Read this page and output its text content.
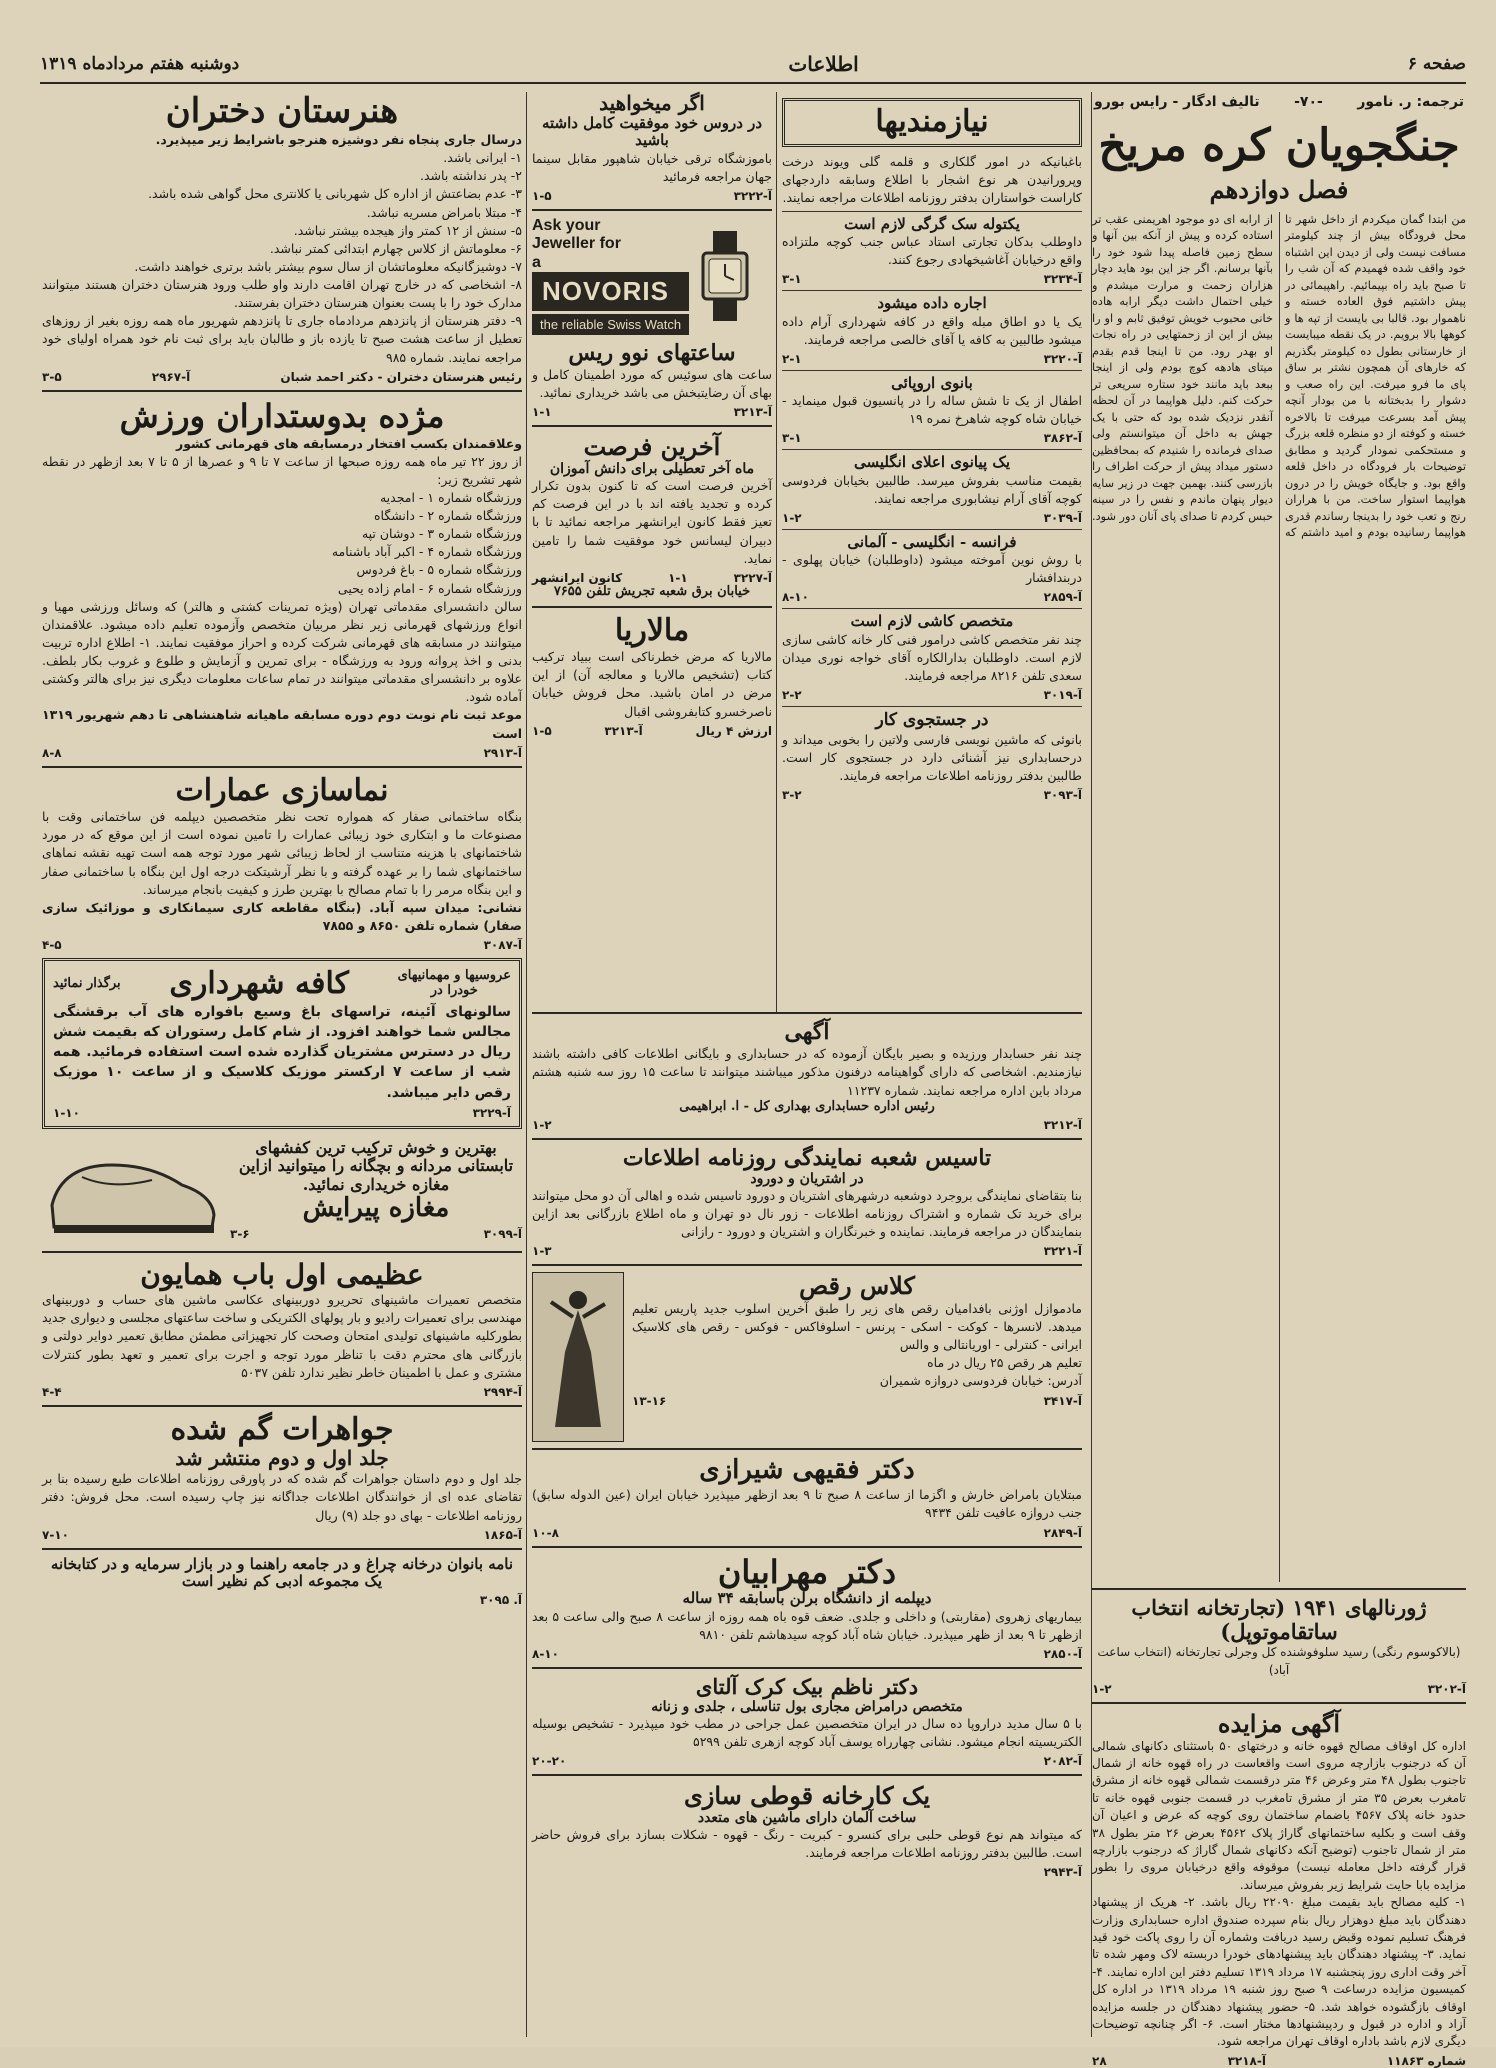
صفحه ۶
اطلاعات
دوشنبه هفتم مردادماه ۱۳۱۹
ترجمه: ر. نامور
-۷۰-
تالیف ادگار - رایس بورو
جنگجویان کره مریخ
فصل دوازدهم
من ابتدا گمان میکردم از داخل شهر تا محل فرودگاه بیش از چند کیلومتر مسافت نیست ولی از دیدن این اشتباه خود واقف شده فهمیدم که آن شب را تا صبح باید راه بپیمائیم. راهپیمائی در پیش داشتیم فوق العاده خسته و ناهموار بود. قالبا بی بایست از تپه ها و کوهها بالا برویم. در یک نقطه میبایست از خارستانی بطول ده کیلومتر بگذریم که خارهای آن همچون نشتر بر ساق پای ما فرو میرفت. این راه صعب و دشوار را بدبختانه با من بودار آنچه پیش آمد بسرعت میرفت تا بالاخره خسته و کوفته از دو منظره قلعه بزرگ و مستحکمی نمودار گردید و مطابق توضیحات بار فرودگاه در داخل قلعه واقع بود. و جایگاه خویش را در درون هواپیما استوار ساخت. من با هراران رنج و تعب خود را بدینجا رساندم قدری هواپیما رسانیده بودم و امید داشتم که از ارابه ای دو موجود اهریمنی عقب تر استاده کرده و پیش از آنکه بین آنها و سطح زمین فاصله پیدا شود خود را بآنها برسانم. اگر جز این بود هاید دچار هزاران زحمت و مرارت میشدم و خیلی احتمال داشت دیگر ارابه هاده خانی محبوب خویش توفیق ثابم و او را بیش از این از زحمتهایی در راه نجات او بهدر رود. من تا اینجا قدم بقدم میتای هادهه کوچ بودم ولی از اینجا ببعد باید مانند خود ستاره سریعی تر حرکت کنم. دلیل هواپیما در آن لحظه آنقدر نزدیک شده بود که حتی با یک جهش به داخل آن میتوانستم ولی صدای فرمانده را شنیدم که بمحافظین دستور میداد پیش از حرکت اطراف را بازرسی کنند. بهمین جهت در زیر سایه دیوار پنهان ماندم و نفس را در سینه حبس کردم تا صدای پای آنان دور شود.
ژورنالهای ۱۹۴۱ (تجارتخانه انتخاب ساتقاموتوپل)
(بالاکوسوم رنگی) رسید سلوفوشنده کل وجرلی تجارتخانه (انتخاب ساعت آباد)
آ-۳۲۰۲
۱-۲
آگهی مزایده
اداره کل اوقاف مصالح قهوه خانه و درختهای ۵۰ باستثنای دکانهای شمالی آن که درجنوب بازارچه مروی است واقعاست در راه قهوه خانه از شمال تاجنوب بطول ۴۸ متر وعرض ۴۶ متر درقسمت شمالی قهوه خانه از مشرق تامغرب بعرض ۳۵ متر از مشرق تامغرب در قسمت جنوبی قهوه خانه تا حدود خانه پلاک ۴۵۶۷ باضمام ساختمان روی کوچه که عرض و اعیان آن وقف است و بکلیه ساختمانهای گاراژ پلاک ۴۵۶۲ بعرض ۲۶ متر بطول ۳۸ متر از شمال تاجنوب (توضیح آنکه دکانهای شمال گاراژ که درجنوب بازارچه قرار گرفته داخل معامله نیست) موقوفه واقع درخیابان مروی را بطور مزایده بابا حایت شرایط زیر بفروش میرساند.
۱- کلیه مصالح باید بقیمت مبلغ ۲۲۰۹۰ ریال باشد. ۲- هریک از پیشنهاد دهندگان باید مبلغ دوهزار ریال بنام سپرده صندوق اداره حسابداری وزارت فرهنگ تسلیم نموده وقبض رسید دریافت وشماره آن را روی پاکت خود قید نماید. ۳- پیشنهاد دهندگان باید پیشنهادهای خودرا دربسته لاک ومهر شده تا آخر وقت اداری روز پنجشنبه ۱۷ مرداد ۱۳۱۹ تسلیم دفتر این اداره نمایند. ۴- کمیسیون مزایده درساعت ۹ صبح روز شنبه ۱۹ مرداد ۱۳۱۹ در اداره کل اوقاف بازگشوده خواهد شد. ۵- حضور پیشنهاد دهندگان در جلسه مزایده آزاد و اداره در قبول و ردپیشنهادها مختار است. ۶- اگر چنانچه توضیحات دیگری لازم باشد باداره اوقاف تهران مراجعه شود.
شماره ۱۱۸۶۳
آ-۳۲۱۸
۲۸
نیازمندیها
باغبانیکه در امور گلکاری و قلمه گلی ویوند درخت وپرورانیدن هر نوع اشجار با اطلاع وسابقه داردجهای کاراست خواستاران بدفتر روزنامه اطلاعات مراجعه نمایند.
یکتوله سک گرگی لازم است
داوطلب بدکان تجارتی استاد عباس جنب کوچه ملتزاده واقع درخیابان آغاشیخهادی رجوع کنند.
آ-۳۲۳۴
۳-۱
اجاره داده میشود
یک یا دو اطاق مبله واقع در کافه شهرداری آرام داده میشود طالبین به کافه یا آقای خالصی مراجعه فرمایند.
آ-۳۲۲۰
۲-۱
بانوی اروپائی
اطفال از یک تا شش ساله را در پانسیون قبول مینماید - خیابان شاه کوچه شاهرخ نمره ۱۹
آ-۳۸۶۲
۳-۱
یک پیانوی اعلای انگلیسی
بقیمت مناسب بفروش میرسد. طالبین بخیابان فردوسی کوچه آقای آرام نیشابوری مراجعه نمایند.
آ-۳۰۳۹
۱-۲
فرانسه - انگلیسی - آلمانی
با روش نوین آموخته میشود (داوطلبان) خیابان پهلوی - دربندافشار
آ-۲۸۵۹
۸-۱۰
متخصص کاشی لازم است
چند نفر متخصص کاشی درامور فنی کار خانه کاشی سازی لازم است. داوطلبان بدارالکاره آقای خواجه نوری میدان سعدی تلفن ۸۲۱۶ مراجعه فرمایند.
آ-۳۰۱۹
۲-۲
در جستجوی کار
بانوئی که ماشین نویسی فارسی ولاتین را بخوبی میداند و درحسابداری نیز آشنائی دارد در جستجوی کار است. طالبین بدفتر روزنامه اطلاعات مراجعه فرمایند.
آ-۳۰۹۳
۳-۲
اگر میخواهید
در دروس خود موفقیت کامل داشته باشید
باموزشگاه ترقی خیابان شاهپور مقابل سینما جهان مراجعه فرمائید
آ-۳۲۲۲
۱-۵
Ask your
Jeweller for
a
NOVORIS
the reliable Swiss Watch
ساعتهای نوو ریس
ساعت های سوئیس که مورد اطمینان کامل و بهای آن رضایتبخش می باشد خریداری نمائید.
آ-۳۲۱۳
۱-۱
آخرین فرصت
ماه آخر تعطیلی برای دانش آموزان
آخرین فرصت است که تا کنون بدون تکرار کرده و تجدید یافته اند با در این فرصت کم تعیز فقط کانون ایرانشهر مراجعه نمائید تا با دبیران لیسانس خود موفقیت شما را تامین نماید.
آ-۳۲۲۷
۱-۱
کانون ایرانشهر
خیابان برق شعبه تجریش تلفن ۷۶۵۵
مالاریا
مالاریا که مرض خطرناکی است ببیاد ترکیب کتاب (تشخیص مالاریا و معالجه آن) از این مرض در امان باشید. محل فروش خیابان ناصرخسرو کتابفروشی اقبال
ارزش ۴ ریال
آ-۳۲۱۳
۱-۵
آگهی
چند نفر حسابدار ورزیده و بصیر بایگان آزموده که در حسابداری و بایگانی اطلاعات کافی داشته باشند نیازمندیم. اشخاصی که دارای گواهینامه درفنون مذکور میباشند میتوانند تا ساعت ۱۵ روز سه شنبه هشتم مرداد باین اداره مراجعه نمایند. شماره ۱۱۲۳۷
رئیس اداره حسابداری بهداری کل - ا. ابراهیمی
آ-۳۲۱۲
۱-۲
تاسیس شعبه نمایندگی روزنامه اطلاعات
در اشتریان و دورود
بنا بتقاضای نمایندگی بروجرد دوشعبه درشهرهای اشتریان و دورود تاسیس شده و اهالی آن دو محل میتوانند برای خرید تک شماره و اشتراک روزنامه اطلاعات - زور نال دو تهران و ماه اطلاع بازرگانی بعد ازاین بنمایندگان در مراجعه فرمایند. نماینده و خبرنگاران و اشتریان و دورود - رازانی
آ-۳۲۲۱
۱-۳
کلاس رقص
مادموازل اوژنی بافدامیان رقص های زیر را طبق آخرین اسلوب جدید پاریس تعلیم میدهد. لانسرها - کوکت - اسکی - پرنس - اسلوفاکس - فوکس - رقص های کلاسیک ایرانی - کنترلی - اوریانتالی و والس
تعلیم هر رقص ۲۵ ریال در ماه
آدرس: خیابان فردوسی دروازه شمیران
آ-۳۴۱۷
۱۳-۱۶
دکتر فقیهی شیرازی
مبتلایان بامراض خارش و اگزما از ساعت ۸ صبح تا ۹ بعد ازظهر میپذیرد خیابان ایران (عین الدوله سابق) جنب دروازه عافیت تلفن ۹۴۳۴
آ-۲۸۴۹
۱۰-۸
دکتر مهرابیان
دیپلمه از دانشگاه برلن باسابقه ۳۴ ساله
بیماریهای زهروی (مقاربتی) و داخلی و جلدی. ضعف قوه باه همه روزه از ساعت ۸ صبح والی ساعت ۵ بعد ازظهر تا ۹ بعد از ظهر میپذیرد. خیابان شاه آباد کوچه سیدهاشم تلفن ۹۸۱۰
آ-۲۸۵۰
۸-۱۰
دکتر ناظم بیک کرک آلتای
متخصص درامراض مجاری بول تناسلی ، جلدی و زنانه
با ۵ سال مدید دراروپا ده سال در ایران متخصصین عمل جراحی در مطب خود میپذیرد - تشخیص بوسیله الکتریسیته انجام میشود. نشانی چهارراه یوسف آباد کوچه ازهری تلفن ۵۲۹۹
آ-۲۰۸۲
۲۰-۲۰
یک کارخانه قوطی سازی
ساخت آلمان دارای ماشین های متعدد
که میتواند هم نوع قوطی حلبی برای کنسرو - کبریت - رنگ - قهوه - شکلات بسازد برای فروش حاضر است. طالبین بدفتر روزنامه اطلاعات مراجعه فرمایند.
آ-۲۹۴۳
هنرستان دختران
درسال جاری پنجاه نفر دوشیزه هنرجو باشرایط زیر میپذیرد.
۱- ایرانی باشد.
۲- پدر نداشته باشد.
۳- عدم بضاعتش از اداره کل شهربانی یا کلانتری محل گواهی شده باشد.
۴- مبتلا بامراض مسریه نباشد.
۵- سنش از ۱۲ کمتر واز هیجده بیشتر نباشد.
۶- معلوماتش از کلاس چهارم ابتدائی کمتر نباشد.
۷- دوشیزگانیکه معلوماتشان از سال سوم بیشتر باشد برتری خواهند داشت.
۸- اشخاصی که در خارج تهران اقامت دارند واو طلب ورود هنرستان دختران هستند میتوانند مدارک خود را با پست بعنوان هنرستان دختران بفرستند.
۹- دفتر هنرستان از پانزدهم مردادماه جاری تا پانزدهم شهریور ماه همه روزه بغیر از روزهای تعطیل از ساعت هشت صبح تا یازده باز و طالبان باید برای ثبت نام خود همراه اولیای خود مراجعه نمایند. شماره ۹۸۵
رئیس هنرستان دختران - دکتر احمد شبان
آ-۲۹۶۷
۳-۵
مژده بدوستداران ورزش
وعلاقمندان بکسب افتخار درمسابقه های قهرمانی کشور
از روز ۲۲ تیر ماه همه روزه صبحها از ساعت ۷ تا ۹ و عصرها از ۵ تا ۷ بعد ازظهر در نقطه شهر تشریح زیر:
ورزشگاه شماره ۱ - امجدیه
ورزشگاه شماره ۲ - دانشگاه
ورزشگاه شماره ۳ - دوشان تپه
ورزشگاه شماره ۴ - اکبر آباد باشنامه
ورزشگاه شماره ۵ - باغ فردوس
ورزشگاه شماره ۶ - امام زاده یحیی
سالن دانشسرای مقدماتی تهران (ویژه تمرینات کشتی و هالتر) که وسائل ورزشی مهیا و انواع ورزشهای قهرمانی زیر نظر مربیان متخصص وآزموده تعلیم داده میشود. علاقمندان میتوانند در مسابقه های قهرمانی شرکت کرده و احراز موفقیت نمایند. ۱- اطلاع اداره تربیت بدنی و اخذ پروانه ورود به ورزشگاه - برای تمرین و آزمایش و طلوع و غروب بکار بلطف. علاوه بر دانشسرای مقدماتی میتوانند در تمام ساعات معلومات دیگری نیز برای هالتر وکشتی آماده شود.
موعد ثبت نام نوبت دوم دوره مسابقه ماهیانه شاهنشاهی تا دهم شهریور ۱۳۱۹ است
آ-۲۹۱۳
۸-۸
نماسازی عمارات
بنگاه ساختمانی صفار که همواره تحت نظر متخصصین دیپلمه فن ساختمانی وقت با مصنوعات ما و ابتکاری خود زیبائی عمارات را تامین نموده است از این موقع که در مورد شاختمانهای با هزینه متناسب از لحاظ زیبائی شهر مورد توجه همه است تهیه نقشه نماهای ساختمانهای شما را بر عهده گرفته و با نظر آرشیتکت درجه اول این بنگاه با ساختمانی صفار و این بنگاه مرمر را با تمام مصالح با بهترین طرز و کیفیت بانجام میرساند.
نشانی: میدان سپه آباد. (بنگاه مقاطعه کاری سیمانکاری و موزائیک سازی صفار) شماره تلفن ۸۶۵۰ و ۷۸۵۵
آ-۳۰۸۷
۴-۵
عروسیها و مهمانیهای
خودرا در
کافه شهرداری
برگذار نمائید
سالونهای آئینه، تراسهای باغ وسیع بافواره های آب برقشنگی مجالس شما خواهند افزود. از شام کامل رستوران که بقیمت شش ریال در دسترس مشتریان گذارده شده است استفاده فرمائید. همه شب از ساعت ۷ ارکستر موزیک کلاسیک و از ساعت ۱۰ موزیک رقص دایر میباشد.
آ-۳۲۲۹
۱-۱۰
بهترین و خوش ترکیب ترین کفشهای تابستانی مردانه و بچگانه را میتوانید ازاین مغازه خریداری نمائید.
مغازه پیرایش
آ-۳۰۹۹
۳-۶
عظیمی اول باب همایون
متخصص تعمیرات ماشینهای تحریرو دوربینهای عکاسی ماشین های حساب و دوربینهای مهندسی برای تعمیرات رادیو و بار پولهای الکتریکی و ساخت ساعتهای مجلسی و دیواری جدید بطورکلیه ماشینهای تولیدی امتحان وصحت کار تجهیزاتی مطمئن مطابق تعمیر دوایر دولتی و بازرگانی های محترم دقت با تناظر مورد توجه و اجرت برای تعمیر و تعهد بطور کنترلات مشتری و عمل با اطمینان خاطر نظیر ندارد تلفن ۵۰۳۷
آ-۲۹۹۴
۴-۴
جواهرات گم شده
جلد اول و دوم منتشر شد
جلد اول و دوم داستان جواهرات گم شده که در پاورقی روزنامه اطلاعات طبع رسیده بنا بر تقاضای عده ای از خوانندگان اطلاعات جداگانه نیز چاپ رسیده است. محل فروش: دفتر روزنامه اطلاعات - بهای دو جلد (۹) ریال
آ-۱۸۶۵
۷-۱۰
نامه بانوان درخانه چراغ و در جامعه راهنما و در بازار سرمایه و در کتابخانه یک مجموعه ادبی کم نظیر است
آ. ۳۰۹۵
